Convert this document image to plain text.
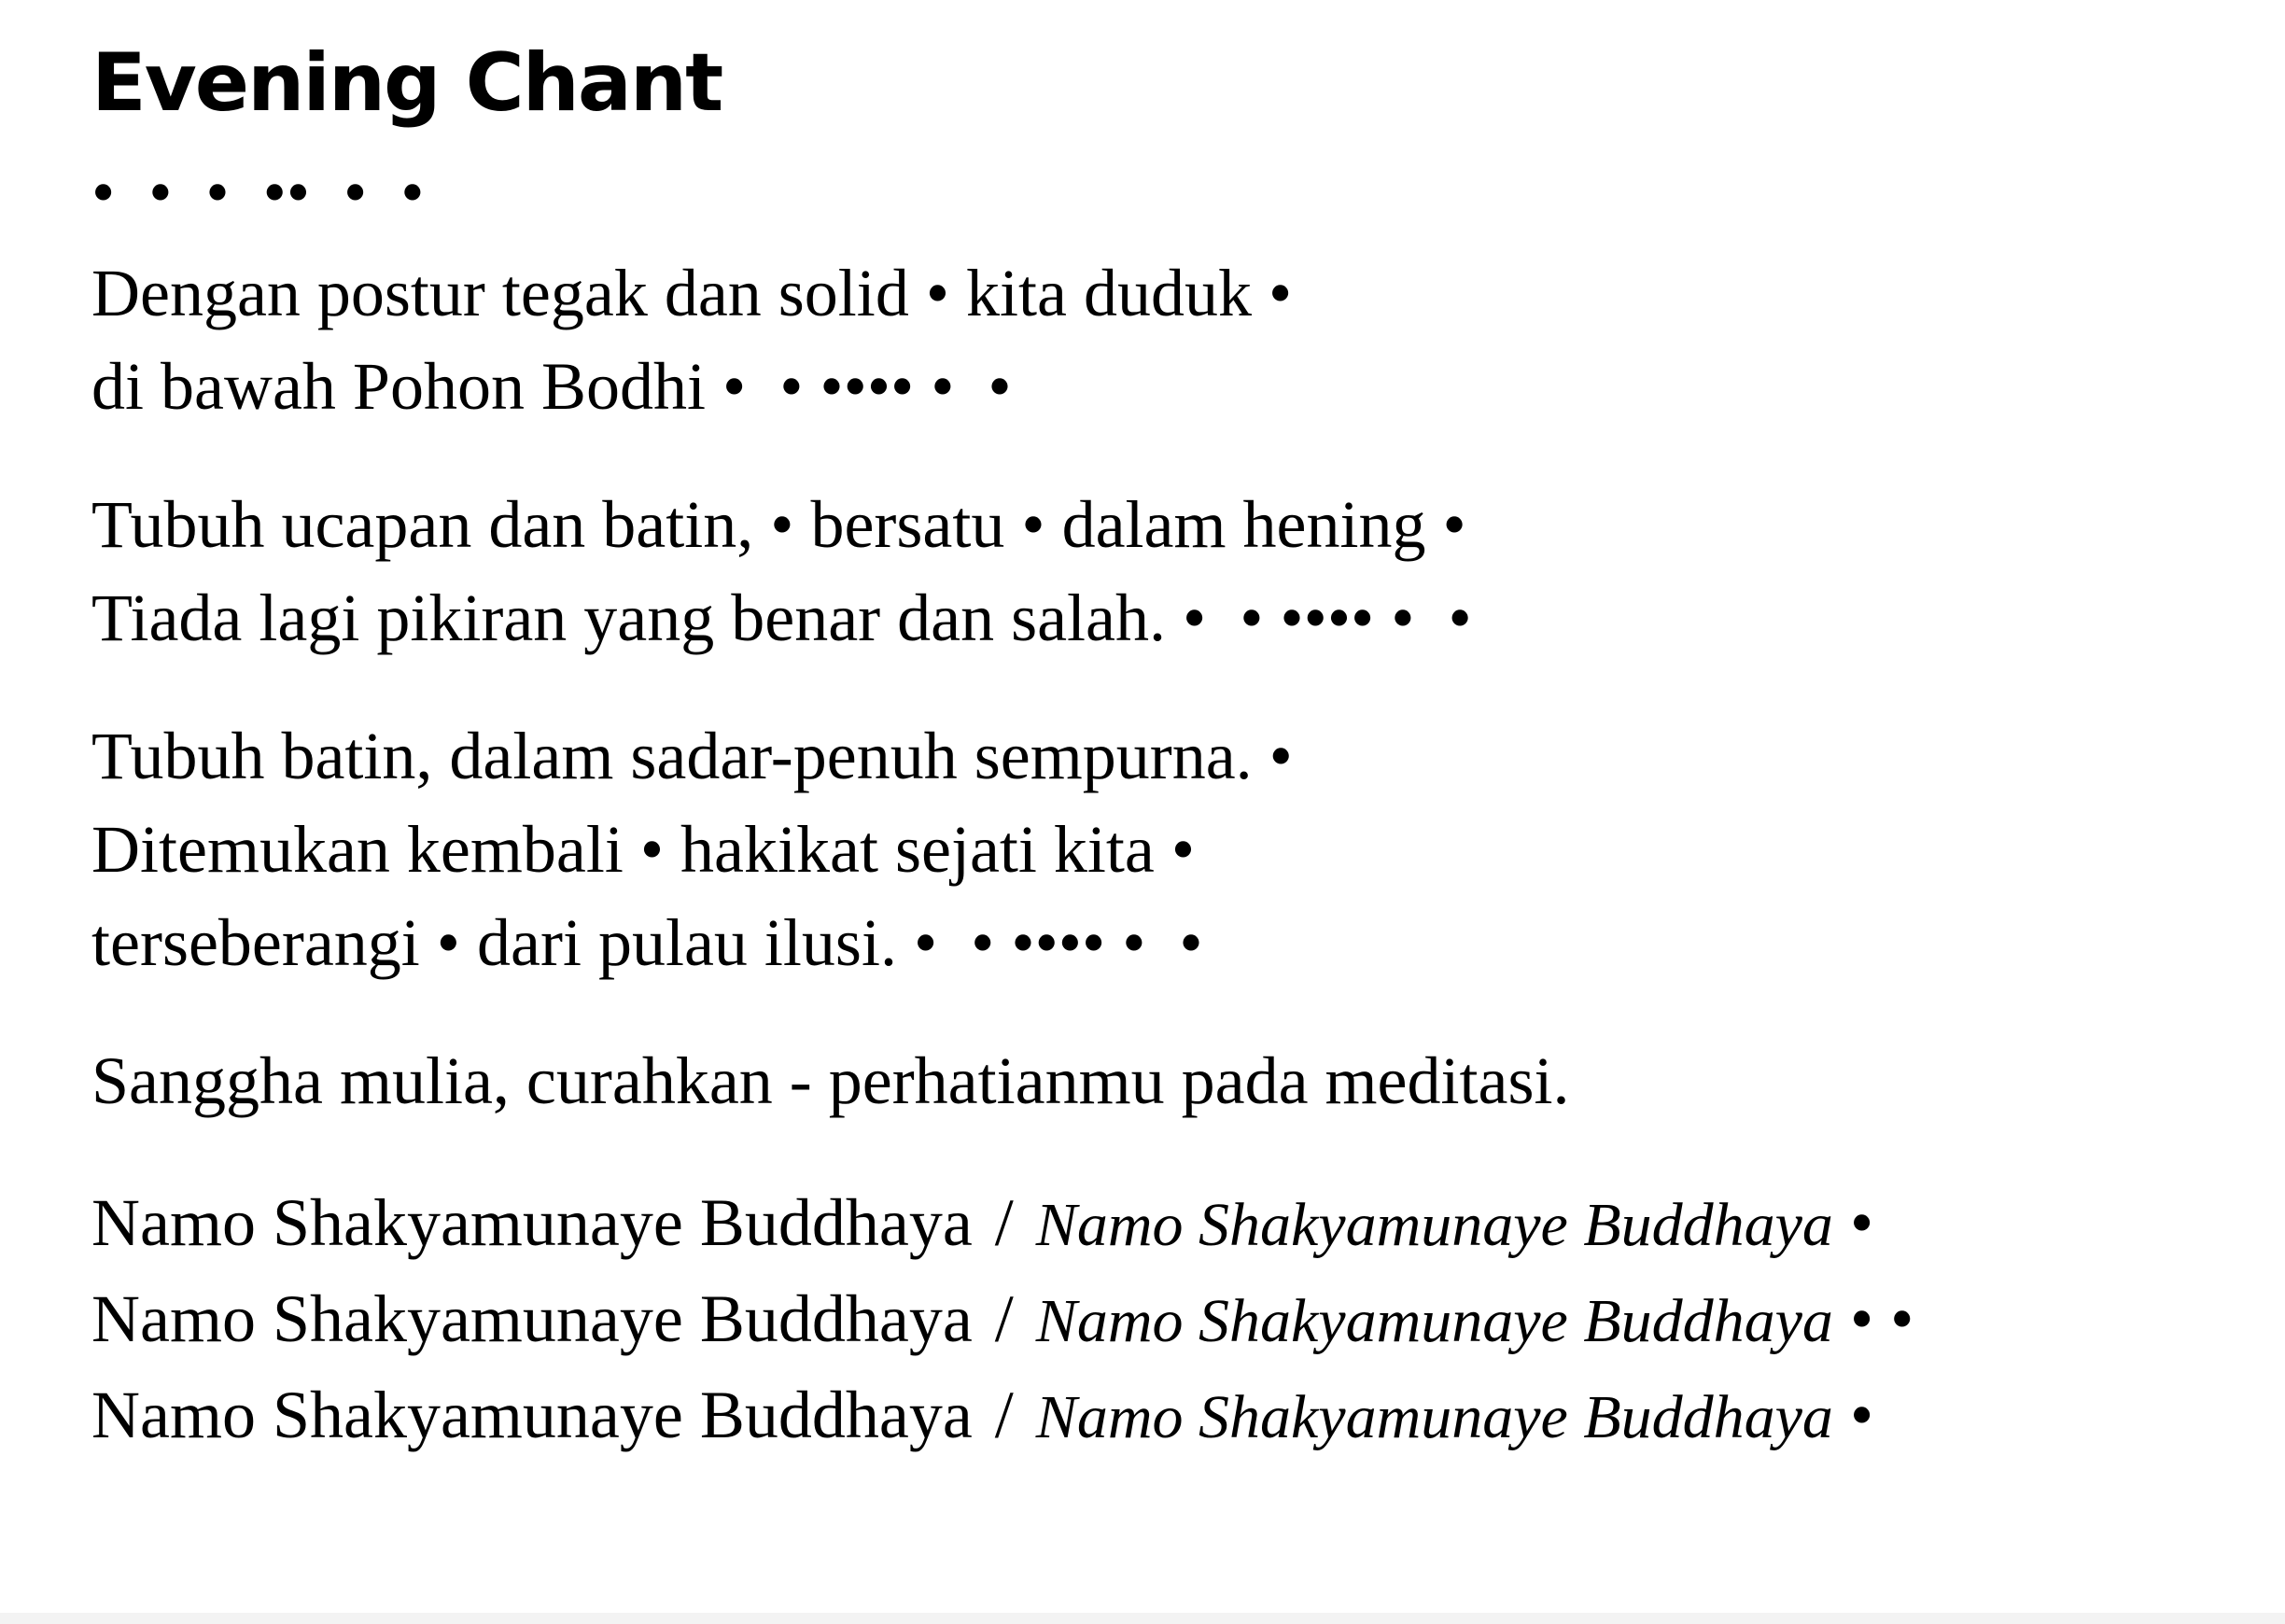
Evening Chant
•  •  •  ••  •  •
Dengan postur tegak dan solid • kita duduk •
di bawah Pohon Bodhi •  • •••• •  •
Tubuh ucapan dan batin, • bersatu • dalam hening •
Tiada lagi pikiran yang benar dan salah. •  • •••• •  •
Tubuh batin, dalam sadar-penuh sempurna. •
Ditemukan kembali • hakikat sejati kita •
terseberangi • dari pulau ilusi. •  • •••• •  •
Sanggha mulia, curahkan - perhatianmu pada meditasi.
Namo Shakyamunaye Buddhaya / Namo Shakyamunaye Buddhaya •
Namo Shakyamunaye Buddhaya / Namo Shakyamunaye Buddhaya • •
Namo Shakyamunaye Buddhaya / Namo Shakyamunaye Buddhaya •
